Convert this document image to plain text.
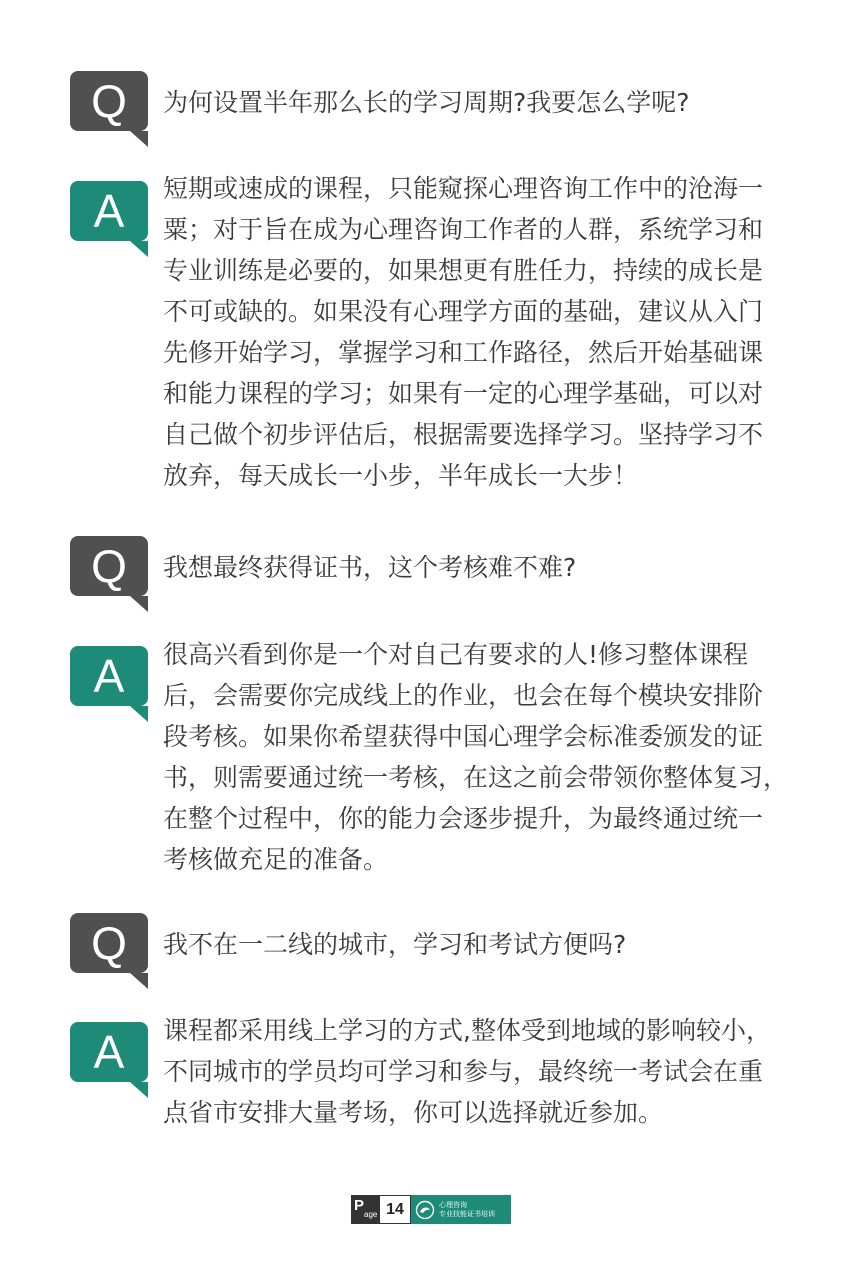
Q	为何设置半年那么长的学习周期?我要怎么学呢?
A	短期或速成的课程，只能窥探心理咨询工作中的沧海一
粟；对于旨在成为心理咨询工作者的人群，系统学习和
专业训练是必要的，如果想更有胜任力，持续的成长是
不可或缺的。如果没有心理学方面的基础，建议从入门
先修开始学习，掌握学习和工作路径，然后开始基础课
和能力课程的学习；如果有一定的心理学基础，可以对
自己做个初步评估后，根据需要选择学习。坚持学习不
放弃，每天成长一小步，半年成长一大步！
Q	我想最终获得证书，这个考核难不难?
A	很高兴看到你是一个对自己有要求的人!修习整体课程
后，会需要你完成线上的作业，也会在每个模块安排阶
段考核。如果你希望获得中国心理学会标准委颁发的证
书，则需要通过统一考核，在这之前会带领你整体复习，
在整个过程中，你的能力会逐步提升，为最终通过统一
考核做充足的准备。
Q	我不在一二线的城市，学习和考试方便吗?
A	课程都采用线上学习的方式,整体受到地域的影响较小，
不同城市的学员均可学习和参与，最终统一考试会在重
点省市安排大量考场，你可以选择就近参加。
P
age 14	心理咨询
专业技能证书培训
